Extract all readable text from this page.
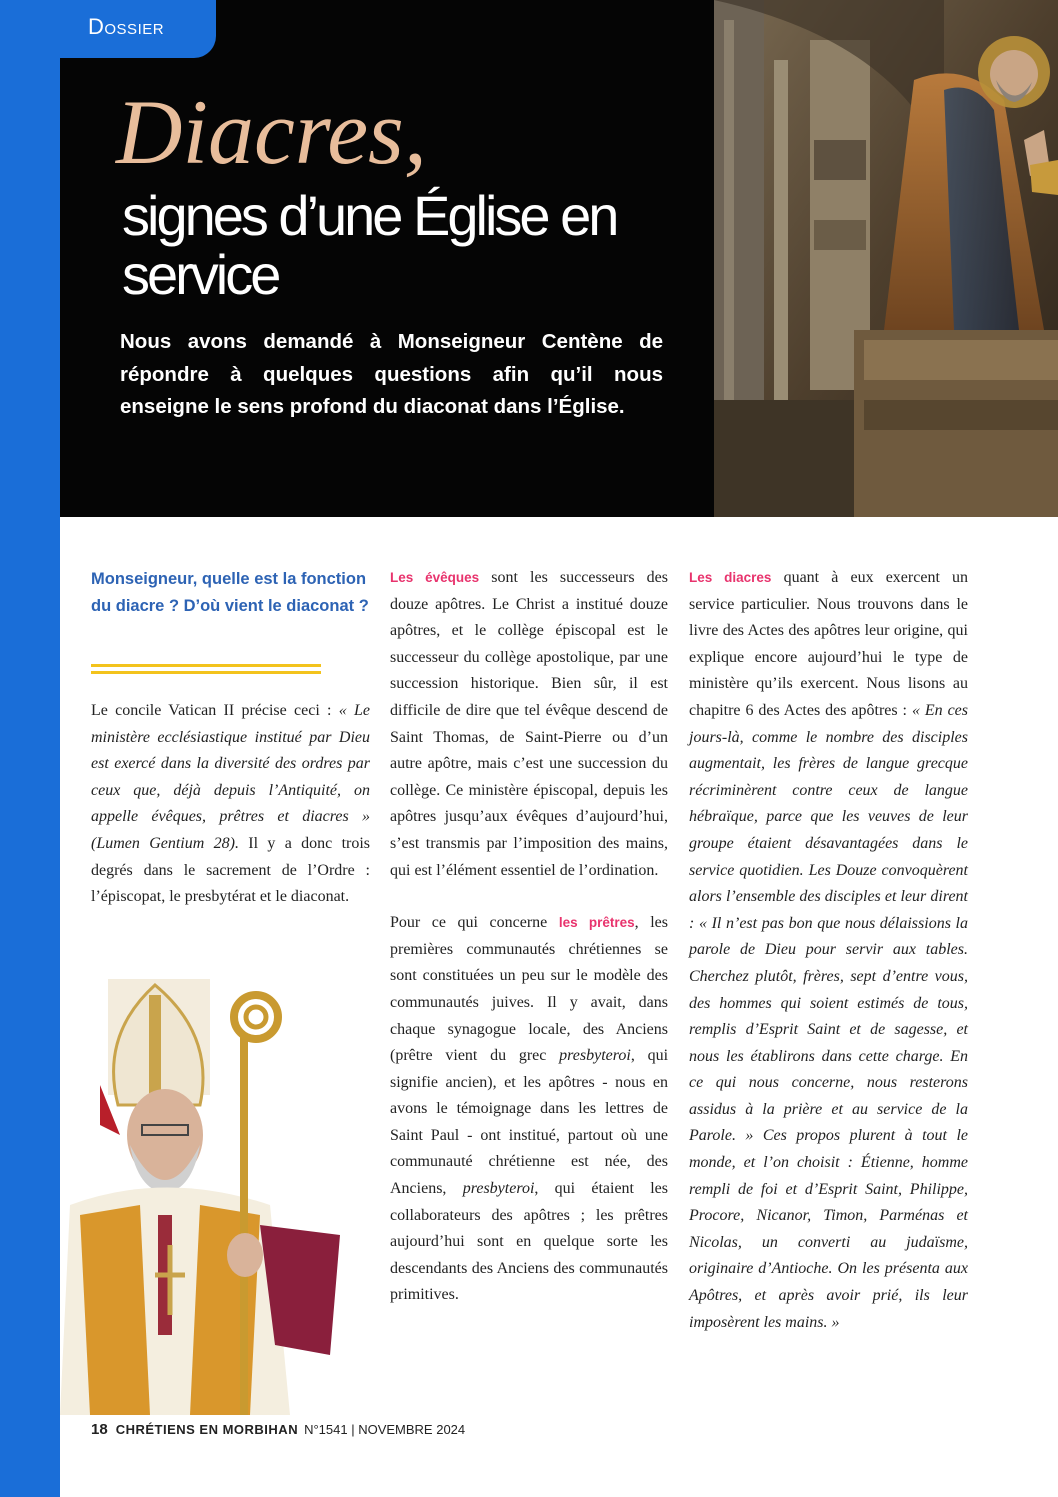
Diacres,
signes d’une Église en service
Nous avons demandé à Monseigneur Centène de répondre à quelques questions afin qu’il nous enseigne le sens profond du diaconat dans l’Église.
Dossier
Monseigneur, quelle est la fonction du diacre ? D’où vient le diaconat ?

Le concile Vatican II précise ceci : « Le ministère ecclésiastique institué par Dieu est exercé dans la diversité des ordres par ceux que, déjà depuis l’Antiquité, on appelle évêques, prêtres et diacres » (Lumen Gentium 28). Il y a donc trois degrés dans le sacrement de l’Ordre : l’épiscopat, le presbytérat et le diaconat.

Les évêques sont les successeurs des douze apôtres. Le Christ a institué douze apôtres, et le collège épiscopal est le successeur du collège apostolique, par une succession historique. Bien sûr, il est difficile de dire que tel évêque descend de Saint Thomas, de Saint-Pierre ou d’un autre apôtre, mais c’est une succession du collège. Ce ministère épiscopal, depuis les apôtres jusqu’aux évêques d’aujourd’hui, s’est transmis par l’imposition des mains, qui est l’élément essentiel de l’ordination.

Pour ce qui concerne les prêtres, les premières communautés chrétiennes se sont constituées un peu sur le modèle des communautés juives. Il y avait, dans chaque synagogue locale, des Anciens (prêtre vient du grec presbyteroi, qui signifie ancien), et les apôtres - nous en avons le témoignage dans les lettres de Saint Paul - ont institué, partout où une communauté chrétienne est née, des Anciens, presbyteroi, qui étaient les collaborateurs des apôtres ; les prêtres aujourd’hui sont en quelque sorte les descendants des Anciens des communautés primitives.

Les diacres quant à eux exercent un service particulier. Nous trouvons dans le livre des Actes des apôtres leur origine, qui explique encore aujourd’hui le type de ministère qu’ils exercent. Nous lisons au chapitre 6 des Actes des apôtres : « En ces jours-là, comme le nombre des disciples augmentait, les frères de langue grecque récriminèrent contre ceux de langue hébraïque, parce que les veuves de leur groupe étaient désavantagées dans le service quotidien. Les Douze convoquèrent alors l’ensemble des disciples et leur dirent : « Il n’est pas bon que nous délaissions la parole de Dieu pour servir aux tables. Cherchez plutôt, frères, sept d’entre vous, des hommes qui soient estimés de tous, remplis d’Esprit Saint et de sagesse, et nous les établirons dans cette charge. En ce qui nous concerne, nous resterons assidus à la prière et au service de la Parole. » Ces propos plurent à tout le monde, et l’on choisit : Étienne, homme rempli de foi et d’Esprit Saint, Philippe, Procore, Nicanor, Timon, Parménas et Nicolas, un converti au judaïsme, originaire d’Antioche. On les présenta aux Apôtres, et après avoir prié, ils leur imposèrent les mains. »

18 CHRÉTIENS EN MORBIHAN N°1541 | NOVEMBRE 2024
